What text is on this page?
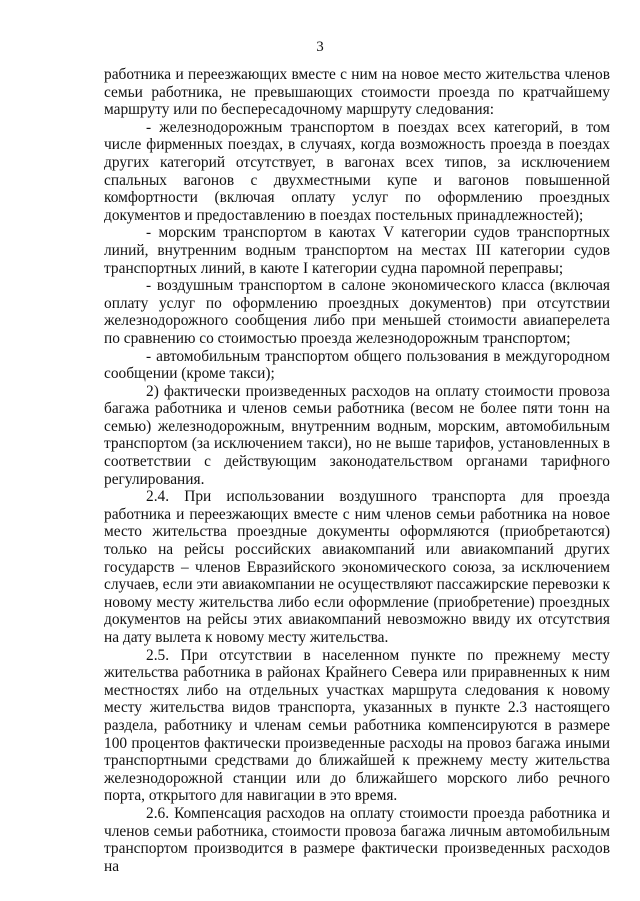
3

работника и переезжающих вместе с ним на новое место жительства членов семьи работника, не превышающих стоимости проезда по кратчайшему маршруту или по беспересадочному маршруту следования:

- железнодорожным транспортом в поездах всех категорий, в том числе фирменных поездах, в случаях, когда возможность проезда в поездах других категорий отсутствует, в вагонах всех типов, за исключением спальных вагонов с двухместными купе и вагонов повышенной комфортности (включая оплату услуг по оформлению проездных документов и предоставлению в поездах постельных принадлежностей);

- морским транспортом в каютах V категории судов транспортных линий, внутренним водным транспортом на местах III категории судов транспортных линий, в каюте I категории судна паромной переправы;

- воздушным транспортом в салоне экономического класса (включая оплату услуг по оформлению проездных документов) при отсутствии железнодорожного сообщения либо при меньшей стоимости авиаперелета по сравнению со стоимостью проезда железнодорожным транспортом;

- автомобильным транспортом общего пользования в междугородном сообщении (кроме такси);

2) фактически произведенных расходов на оплату стоимости провоза багажа работника и членов семьи работника (весом не более пяти тонн на семью) железнодорожным, внутренним водным, морским, автомобильным транспортом (за исключением такси), но не выше тарифов, установленных в соответствии с действующим законодательством органами тарифного регулирования.

2.4. При использовании воздушного транспорта для проезда работника и переезжающих вместе с ним членов семьи работника на новое место жительства проездные документы оформляются (приобретаются) только на рейсы российских авиакомпаний или авиакомпаний других государств – членов Евразийского экономического союза, за исключением случаев, если эти авиакомпании не осуществляют пассажирские перевозки к новому месту жительства либо если оформление (приобретение) проездных документов на рейсы этих авиакомпаний невозможно ввиду их отсутствия на дату вылета к новому месту жительства.

2.5. При отсутствии в населенном пункте по прежнему месту жительства работника в районах Крайнего Севера или приравненных к ним местностях либо на отдельных участках маршрута следования к новому месту жительства видов транспорта, указанных в пункте 2.3 настоящего раздела, работнику и членам семьи работника компенсируются в размере 100 процентов фактически произведенные расходы на провоз багажа иными транспортными средствами до ближайшей к прежнему месту жительства железнодорожной станции или до ближайшего морского либо речного порта, открытого для навигации в это время.

2.6. Компенсация расходов на оплату стоимости проезда работника и членов семьи работника, стоимости провоза багажа личным автомобильным транспортом производится в размере фактически произведенных расходов на
